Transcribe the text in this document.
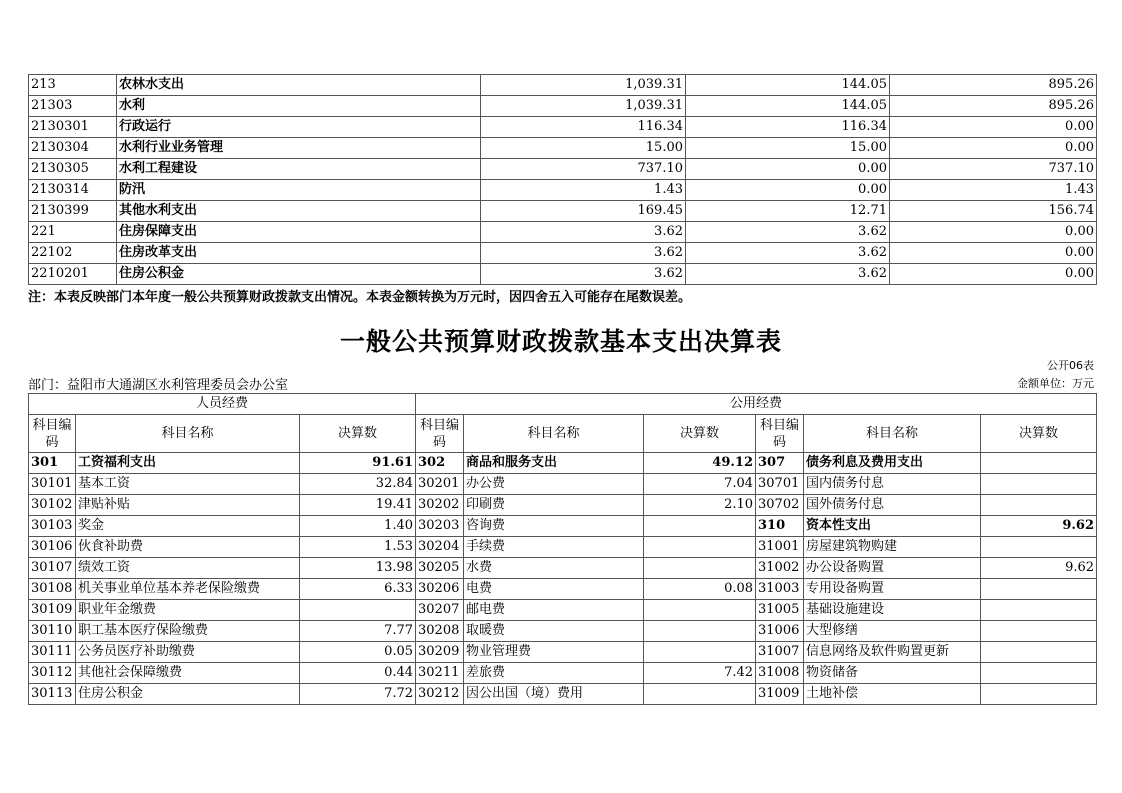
213	农林水支出	1,039.31	144.05	895.26
21303	水利	1,039.31	144.05	895.26
2130301	行政运行	116.34	116.34	0.00
2130304	水利行业业务管理	15.00	15.00	0.00
2130305	水利工程建设	737.10	0.00	737.10
2130314	防汛	1.43	0.00	1.43
2130399	其他水利支出	169.45	12.71	156.74
221	住房保障支出	3.62	3.62	0.00
22102	住房改革支出	3.62	3.62	0.00
2210201	住房公积金	3.62	3.62	0.00
注：本表反映部门本年度一般公共预算财政拨款支出情况。本表金额转换为万元时，因四舍五入可能存在尾数误差。
一般公共预算财政拨款基本支出决算表
公开06表
部门：益阳市大通湖区水利管理委员会办公室	金额单位：万元
人员经费			公用经费					
科目编码	科目名称	决算数	科目编码	科目名称	决算数	科目编码	科目名称	决算数
301	工资福利支出	91.61	302	商品和服务支出	49.12	307	债务利息及费用支出	
30101	基本工资	32.84	30201	办公费	7.04	30701	国内债务付息	
30102	津贴补贴	19.41	30202	印刷费	2.10	30702	国外债务付息	
30103	奖金	1.40	30203	咨询费		310	资本性支出	9.62
30106	伙食补助费	1.53	30204	手续费		31001	房屋建筑物购建	
30107	绩效工资	13.98	30205	水费		31002	办公设备购置	9.62
30108	机关事业单位基本养老保险缴费	6.33	30206	电费	0.08	31003	专用设备购置	
30109	职业年金缴费		30207	邮电费		31005	基础设施建设	
30110	职工基本医疗保险缴费	7.77	30208	取暖费		31006	大型修缮	
30111	公务员医疗补助缴费	0.05	30209	物业管理费		31007	信息网络及软件购置更新	
30112	其他社会保障缴费	0.44	30211	差旅费	7.42	31008	物资储备	
30113	住房公积金	7.72	30212	因公出国（境）费用		31009	土地补偿	
